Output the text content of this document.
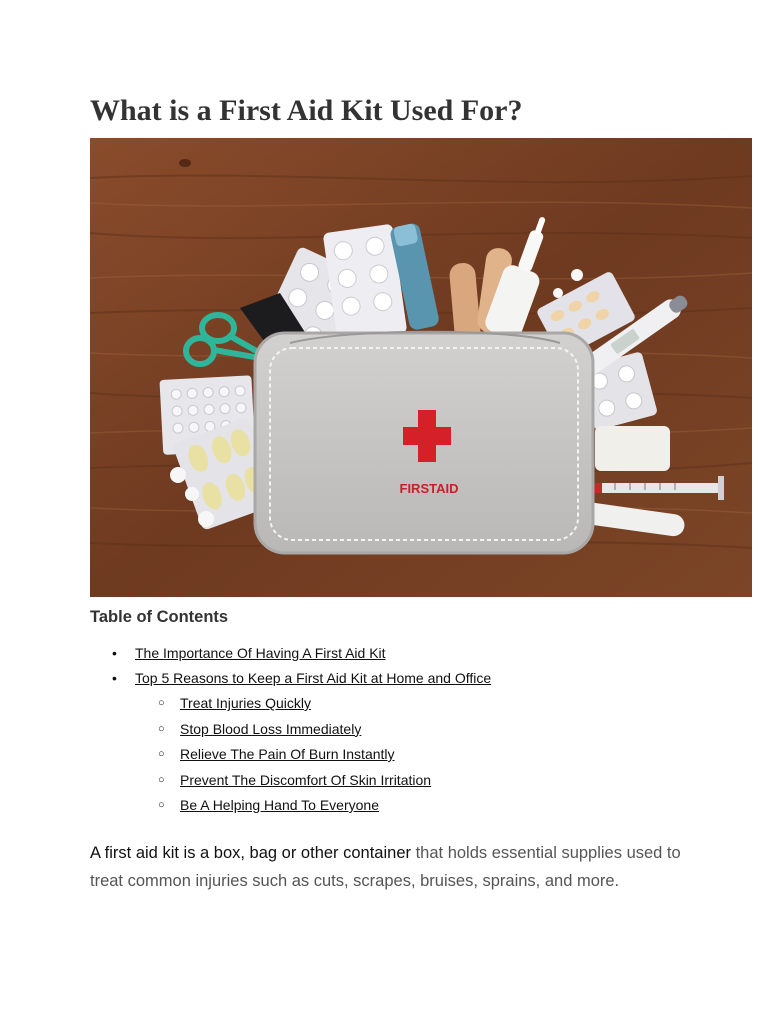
What is a First Aid Kit Used For?
FIRSTAID
Table of Contents
• The Importance Of Having A First Aid Kit
• Top 5 Reasons to Keep a First Aid Kit at Home and Office
○ Treat Injuries Quickly
○ Stop Blood Loss Immediately
○ Relieve The Pain Of Burn Instantly
○ Prevent The Discomfort Of Skin Irritation
○ Be A Helping Hand To Everyone

A first aid kit is a box, bag or other container that holds essential supplies used to treat common injuries such as cuts, scrapes, bruises, sprains, and more.
